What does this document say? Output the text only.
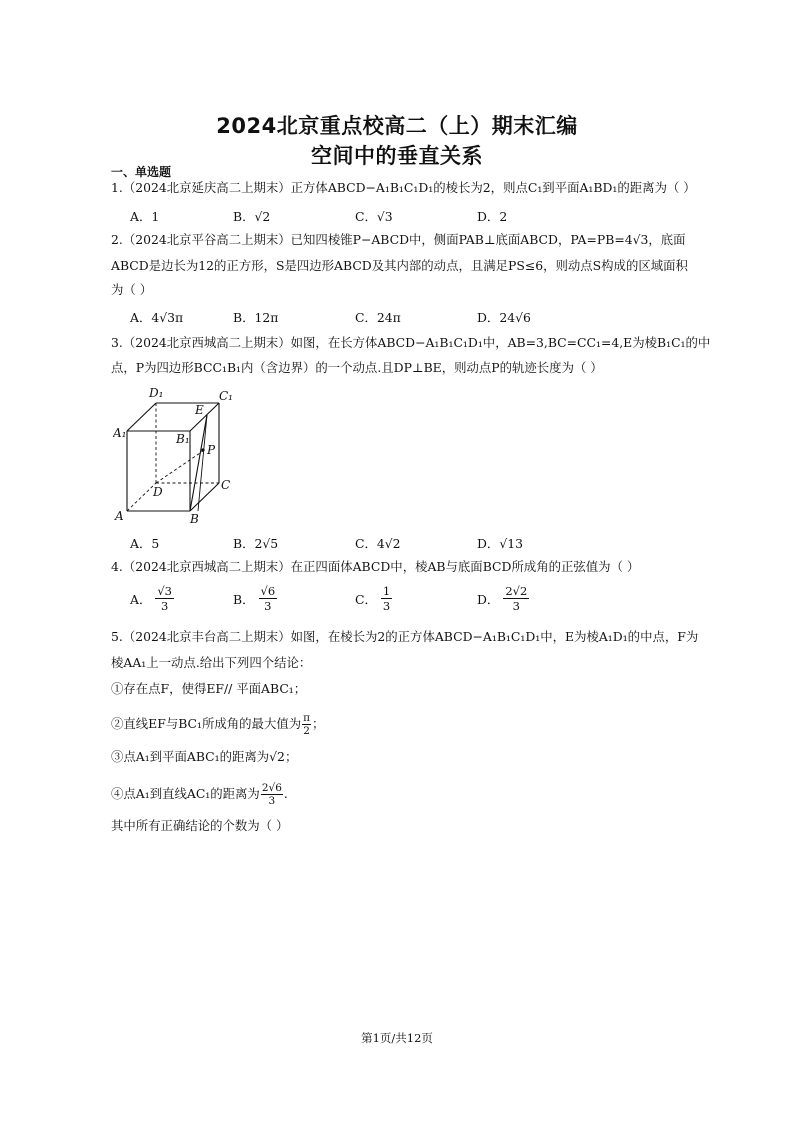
2024北京重点校高二（上）期末汇编
空间中的垂直关系
一、单选题
1.（2024北京延庆高二上期末）正方体ABCD−A₁B₁C₁D₁的棱长为2，则点C₁到平面A₁BD₁的距离为（ ）
A．1	B．√2	C．√3	D．2
2.（2024北京平谷高二上期末）已知四棱锥P−ABCD中，侧面PAB⊥底面ABCD，PA=PB=4√3，底面
ABCD是边长为12的正方形，S是四边形ABCD及其内部的动点，且满足PS≤6，则动点S构成的区域面积
为（ ）
A．4√3π	B．12π	C．24π	D．24√6
3.（2024北京西城高二上期末）如图，在长方体ABCD−A₁B₁C₁D₁中，AB=3,BC=CC₁=4,E为棱B₁C₁的中
点，P为四边形BCC₁B₁内（含边界）的一个动点.且DP⊥BE，则动点P的轨迹长度为（ ）
D₁	C₁
E
A₁	B₁
P
D	C
A	B
A．5	B．2√5	C．4√2	D．√13
4.（2024北京西城高二上期末）在正四面体ABCD中，棱AB与底面BCD所成角的正弦值为（ ）
A． $\frac{√3}{3}$	B． $\frac{√6}{3}$	C． $\frac{1}{3}$	D． $\frac{2√2}{3}$
5.（2024北京丰台高二上期末）如图，在棱长为2的正方体ABCD−A₁B₁C₁D₁中，E为棱A₁D₁的中点，F为
棱AA₁上一动点.给出下列四个结论：
①存在点F，使得EF// 平面ABC₁；
②直线EF与BC₁所成角的最大值为 $\frac{\pi}{2}$ ；
③点A₁到平面ABC₁的距离为√2；
④点A₁到直线AC₁的距离为 $\frac{2√6}{3}$ .
其中所有正确结论的个数为（ ）
第1页/共12页
